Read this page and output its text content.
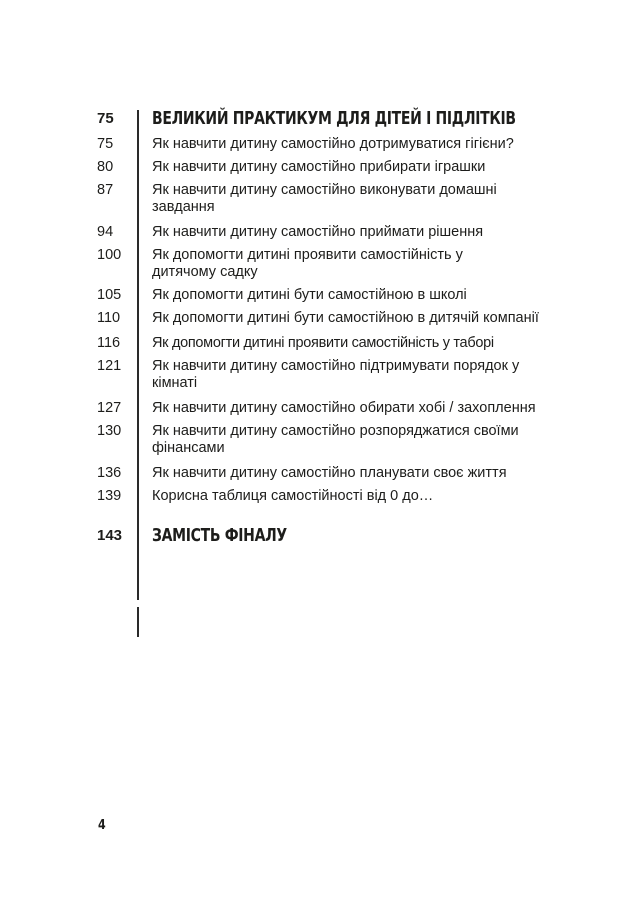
75	ВЕЛИКИЙ ПРАКТИКУМ ДЛЯ ДІТЕЙ І ПІДЛІТКІВ
75	Як навчити дитину самостійно дотримуватися гігієни?
80	Як навчити дитину самостійно прибирати іграшки
87	Як навчити дитину самостійно виконувати домашні завдання
94	Як навчити дитину самостійно приймати рішення
100	Як допомогти дитині проявити самостійність у дитячому садку
105	Як допомогти дитині бути самостійною в школі
110	Як допомогти дитині бути самостійною в дитячій компанії
116	Як допомогти дитині проявити самостійність у таборі
121	Як навчити дитину самостійно підтримувати порядок у кімнаті
127	Як навчити дитину самостійно обирати хобі / захоплення
130	Як навчити дитину самостійно розпоряджатися своїми фінансами
136	Як навчити дитину самостійно планувати своє життя
139	Корисна таблиця самостійності від 0 до…
143	ЗАМІСТЬ ФІНАЛУ
4
